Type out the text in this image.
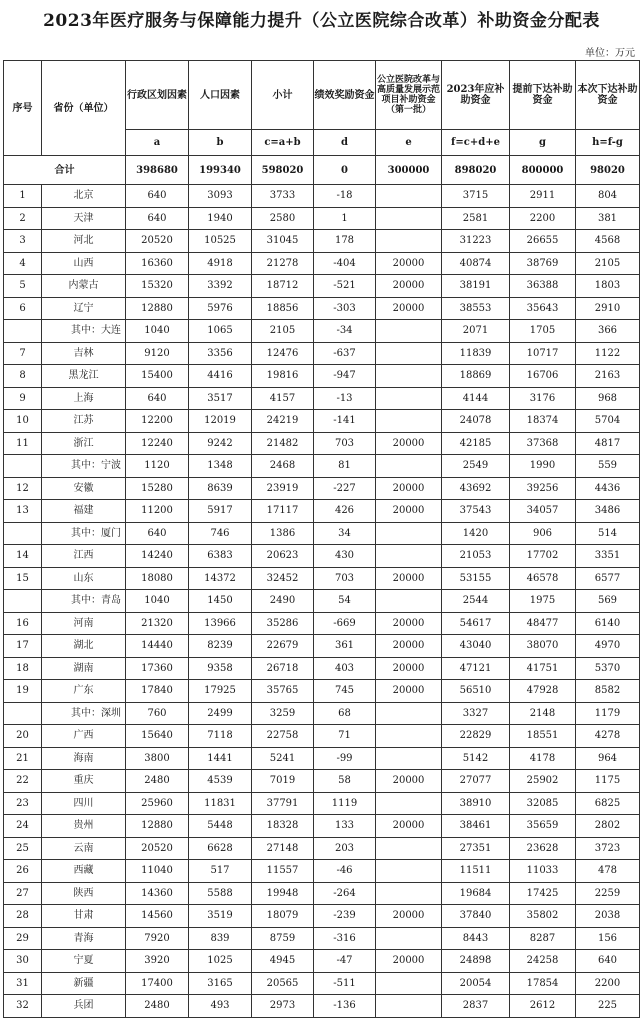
2023年医疗服务与保障能力提升（公立医院综合改革）补助资金分配表
单位：万元
序号	省份（单位）	行政区划因素	人口因素	小计	绩效奖励资金	公立医院改革与高质量发展示范项目补助资金（第一批）	2023年应补助资金	提前下达补助资金	本次下达补助资金
		a	b	c=a+b	d	e	f=c+d+e	g	h=f-g
合计		398680	199340	598020	0	300000	898020	800000	98020
1	北京	640	3093	3733	-18		3715	2911	804
2	天津	640	1940	2580	1		2581	2200	381
3	河北	20520	10525	31045	178		31223	26655	4568
4	山西	16360	4918	21278	-404	20000	40874	38769	2105
5	内蒙古	15320	3392	18712	-521	20000	38191	36388	1803
6	辽宁	12880	5976	18856	-303	20000	38553	35643	2910
	其中：大连	1040	1065	2105	-34		2071	1705	366
7	吉林	9120	3356	12476	-637		11839	10717	1122
8	黑龙江	15400	4416	19816	-947		18869	16706	2163
9	上海	640	3517	4157	-13		4144	3176	968
10	江苏	12200	12019	24219	-141		24078	18374	5704
11	浙江	12240	9242	21482	703	20000	42185	37368	4817
	其中：宁波	1120	1348	2468	81		2549	1990	559
12	安徽	15280	8639	23919	-227	20000	43692	39256	4436
13	福建	11200	5917	17117	426	20000	37543	34057	3486
	其中：厦门	640	746	1386	34		1420	906	514
14	江西	14240	6383	20623	430		21053	17702	3351
15	山东	18080	14372	32452	703	20000	53155	46578	6577
	其中：青岛	1040	1450	2490	54		2544	1975	569
16	河南	21320	13966	35286	-669	20000	54617	48477	6140
17	湖北	14440	8239	22679	361	20000	43040	38070	4970
18	湖南	17360	9358	26718	403	20000	47121	41751	5370
19	广东	17840	17925	35765	745	20000	56510	47928	8582
	其中：深圳	760	2499	3259	68		3327	2148	1179
20	广西	15640	7118	22758	71		22829	18551	4278
21	海南	3800	1441	5241	-99		5142	4178	964
22	重庆	2480	4539	7019	58	20000	27077	25902	1175
23	四川	25960	11831	37791	1119		38910	32085	6825
24	贵州	12880	5448	18328	133	20000	38461	35659	2802
25	云南	20520	6628	27148	203		27351	23628	3723
26	西藏	11040	517	11557	-46		11511	11033	478
27	陕西	14360	5588	19948	-264		19684	17425	2259
28	甘肃	14560	3519	18079	-239	20000	37840	35802	2038
29	青海	7920	839	8759	-316		8443	8287	156
30	宁夏	3920	1025	4945	-47	20000	24898	24258	640
31	新疆	17400	3165	20565	-511		20054	17854	2200
32	兵团	2480	493	2973	-136		2837	2612	225
